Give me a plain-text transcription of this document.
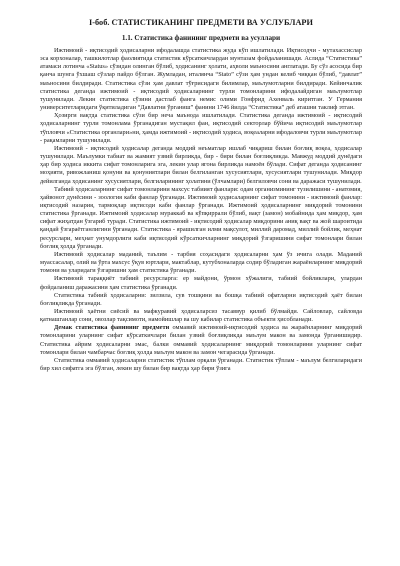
I-боб. СТАТИСТИКАНИНГ ПРЕДМЕТИ ВА УСЛУБЛАРИ
1.1. Статистика фанининг предмети ва усуллари

Ижтимоий - иқтисодий ҳодисаларни ифодалашда статистика жуда кўп ишлатилади. Иқтисодчи - мутахассислар эса корхоналар, ташкилотлар фаолиятида статистик кўрсаткичлардан мунтазам фойдаланишади. Аслида “Статистика” атамаси лотинча «Status» сўзидан олинган бўлиб, ҳодисанинг ҳолати, аҳволи маъносини англатади. Бу сўз асосида бир қанча шунга ўхшаш сўзлар пайдо бўлган. Жумладан, италянча “Stato” сўзи ҳам ундан келиб чиққан бўлиб, “давлат” маъносини билдиради. Статистика сўзи ҳам давлат тўғрисидаги билимлар, маълумотларни билдиради. Кейинчалик статистика деганда ижтимоий - иқтисодий ҳодисаларнинг турли томонларини ифодалайдиган маълумотлар тушунилади. Лекин статистика сўзини дастлаб фанга немис олими Гонфрид Ахенваль киритган. У Германия университетларидаги ўқитиладиган “Давлатни ўрганиш” фанини 1746 йилда “Статистика” деб аташни таклиф этган.

Ҳозирги вақтда статистика сўзи бир неча маънода ишлатилади. Статистика деганда ижтимоий - иқтисодий ҳодисаларнинг турли томонлама ўрганадиган мустақил фан, иқтисодий секторлар бўйича иқтисодий маълумотлар тўпловчи «Статистика органлари»ни, ҳамда ижтимоий - иқтисодий ҳодиса, воқеаларни ифодаловчи турли маълумотлар - рақамларни тушунилади.

Ижтимоий - иқтисодий ҳодисалар деганда моддий неъматлар ишлаб чиқариш билан боғлиқ воқеа, ҳодисалар тушунилади. Маълумки табиат ва жамият узвий бирликда, бир - бири билан боғлиқликда. Мавжуд моддий дунёдаги ҳар бир ҳодиса иккита сифат томонларига эга, лекин улар ягона бирликда намоён бўлади. Сифат деганда ҳодисанинг моҳияти, ривожланиш қонуни ва қонуниятлари билан белгиланган хусусиятлари, хусусиятлари тушунилади. Миқдор дейилганда ҳодисанинг хусусиятлари, белгиларининг ҳолатини (ўлчамлари) белгиловчи сони ва даражаси тушунилади.

Табиий ҳодисаларнинг сифат томонларини махсус табиият фанлари: одам организмининг тузилишини - анатомия, ҳайвонот дунёсини - зоология каби фанлар ўрганади. Ижтимоий ҳодисаларнинг сифат томонини - ижтимоий фанлар: иқтисодий назария, тармоқлар иқтисоди каби фанлар ўрганади. Ижтимоий ҳодисаларнинг миқдорий томонини статистика ўрганади. Ижтимоий ҳодисалар мураккаб ва кўпқиррали бўлиб, вақт (замон) мобайнида ҳам миқдор, ҳам сифат жиҳатдан ўзгариб туради. Статистика ижтимоий - иқтисодий ҳодисалар миқдорини аниқ вақт ва жой шароитида қандай ўзгараётганлигини ўрганади. Статистика - ярашилган илми мақсулот, миллий даромад, миллий бойлик, меҳнат ресурслари, меҳнат унумдорлиги каби иқтисодий кўрсаткичларнинг миқдорий ўзгаришини сифат томонлари билан боғлиқ ҳолда ўрганади.

Ижтимоий ҳодисалар маданий, таълим - тарбия соҳасидаги ҳодисаларни ҳам ўз ичига олади. Маданий муассасалар, олий ва ўрта махсус ўқув юртлари, мактаблар, кутубхоналарда содир бўладиган жараёнларнинг миқдорий томони ва уларидаги ўзгаришни ҳам статистика ўрганади.

Ижтимоий тараққиёт табиий ресурсларга: ер майдони, ўрмон хўжалиги, табиий бойликлари, улардан фойдаланиш даражасини ҳам статистика ўрганади.

Статистика табиий ҳодисаларни: зилзила, сув тошқини ва бошқа табиий офатларни иқтисодий ҳаёт билан боғлиқликда ўрганади.

Ижтимоий ҳаётни сиёсий ва мафкуравий ҳодисаларсиз тасаввур қилиб бўлмайди. Сайловлар, сайловда қатнашганлар сони, овозлар тақсимоти, намойишлар ва шу кабилар статистика объекти ҳисобланади.

Демак статистика фанининг предмети оммавий ижтимоий-иқтисодий ҳодиса ва жараёнларнинг миқдорий томонларини уларнинг сифат кўрсаткичлари билан узвий боғлиқликда маълум макон ва замонда ўрганишидир. Статистика айрим ҳодисаларни эмас, балки оммавий ҳодисаларнинг миқдорий томонларини уларнинг сифат томонлари билан чамбарчас боғлиқ ҳолда маълум макон ва замон чегарасида ўрганади.

Статистика оммавий ҳодисаларни статистик тўплам орқали ўрганади. Статистик тўплам - маълум белгиларидаги бир хил сифатга эга бўлган, лекин шу билан бир вақтда ҳар бири ўзига
